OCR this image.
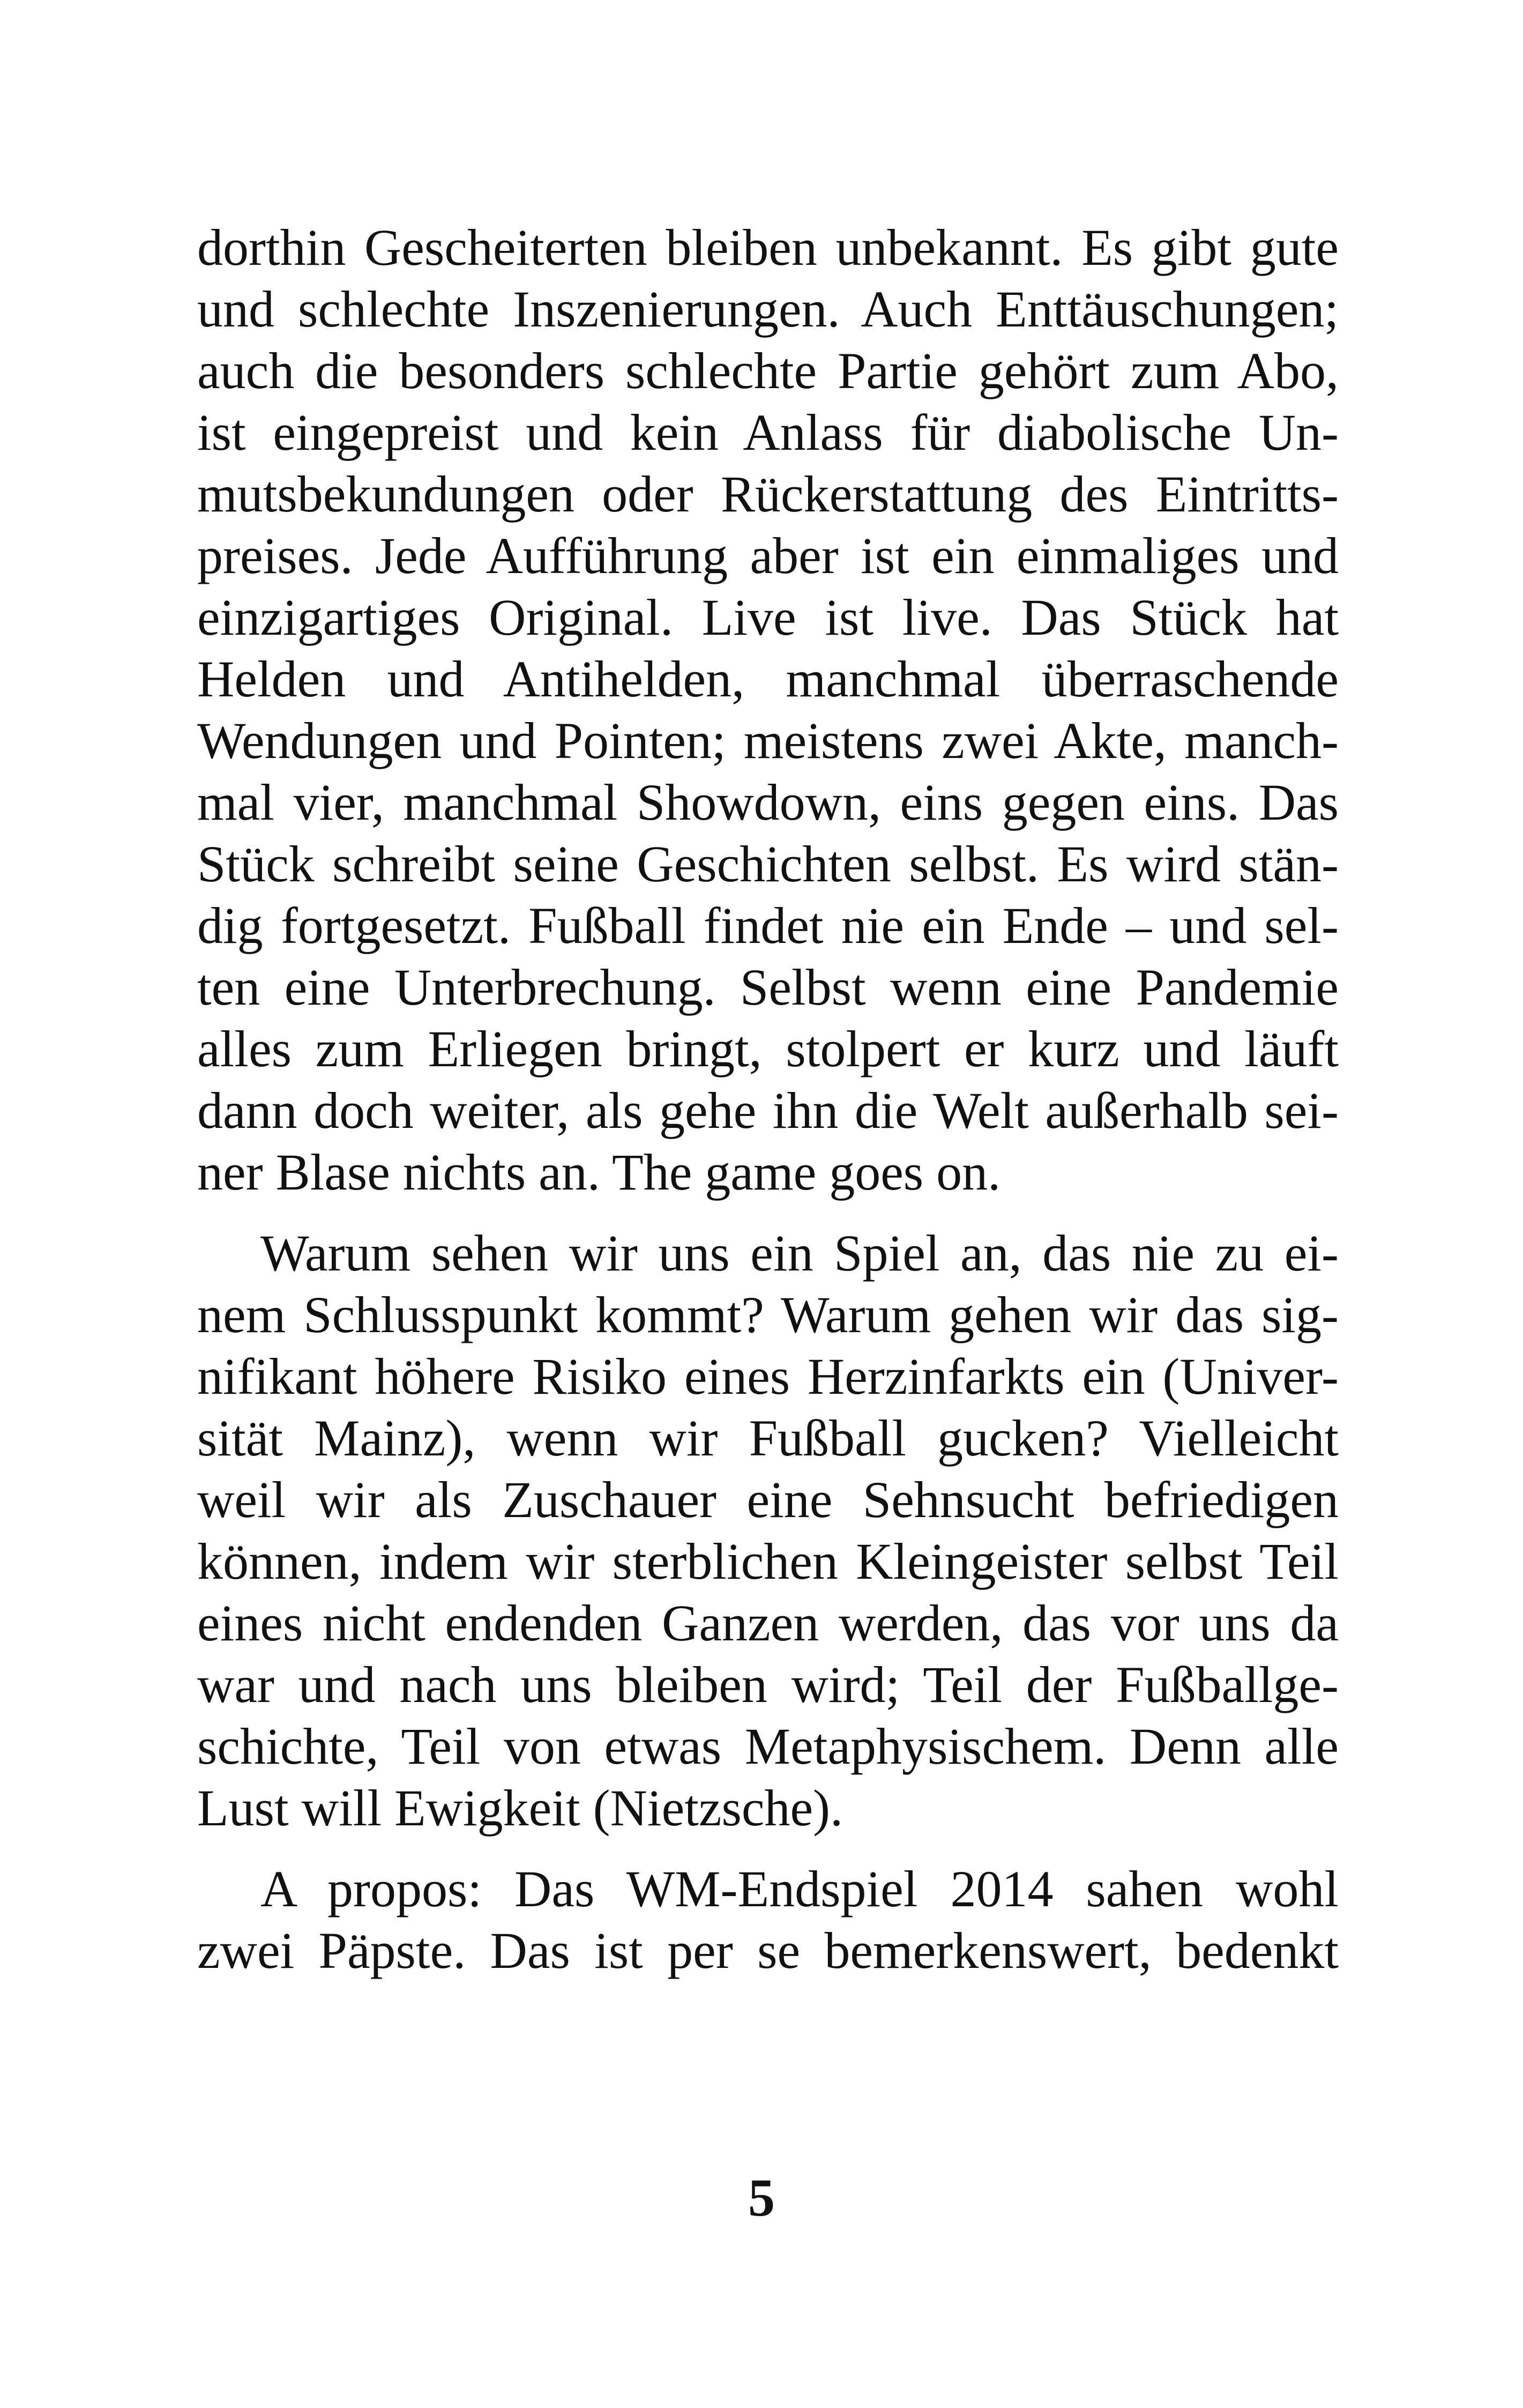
dorthin Gescheiterten bleiben unbekannt. Es gibt gute
und schlechte Inszenierungen. Auch Enttäuschungen;
auch die besonders schlechte Partie gehört zum Abo,
ist eingepreist und kein Anlass für diabolische Un-
mutsbekundungen oder Rückerstattung des Eintritts-
preises. Jede Aufführung aber ist ein einmaliges und
einzigartiges Original. Live ist live. Das Stück hat
Helden und Antihelden, manchmal überraschende
Wendungen und Pointen; meistens zwei Akte, manch-
mal vier, manchmal Showdown, eins gegen eins. Das
Stück schreibt seine Geschichten selbst. Es wird stän-
dig fortgesetzt. Fußball findet nie ein Ende – und sel-
ten eine Unterbrechung. Selbst wenn eine Pandemie
alles zum Erliegen bringt, stolpert er kurz und läuft
dann doch weiter, als gehe ihn die Welt außerhalb sei-
ner Blase nichts an. The game goes on.

Warum sehen wir uns ein Spiel an, das nie zu ei-
nem Schlusspunkt kommt? Warum gehen wir das sig-
nifikant höhere Risiko eines Herzinfarkts ein (Univer-
sität Mainz), wenn wir Fußball gucken? Vielleicht
weil wir als Zuschauer eine Sehnsucht befriedigen
können, indem wir sterblichen Kleingeister selbst Teil
eines nicht endenden Ganzen werden, das vor uns da
war und nach uns bleiben wird; Teil der Fußballge-
schichte, Teil von etwas Metaphysischem. Denn alle
Lust will Ewigkeit (Nietzsche).

A propos: Das WM-Endspiel 2014 sahen wohl
zwei Päpste. Das ist per se bemerkenswert, bedenkt

5
